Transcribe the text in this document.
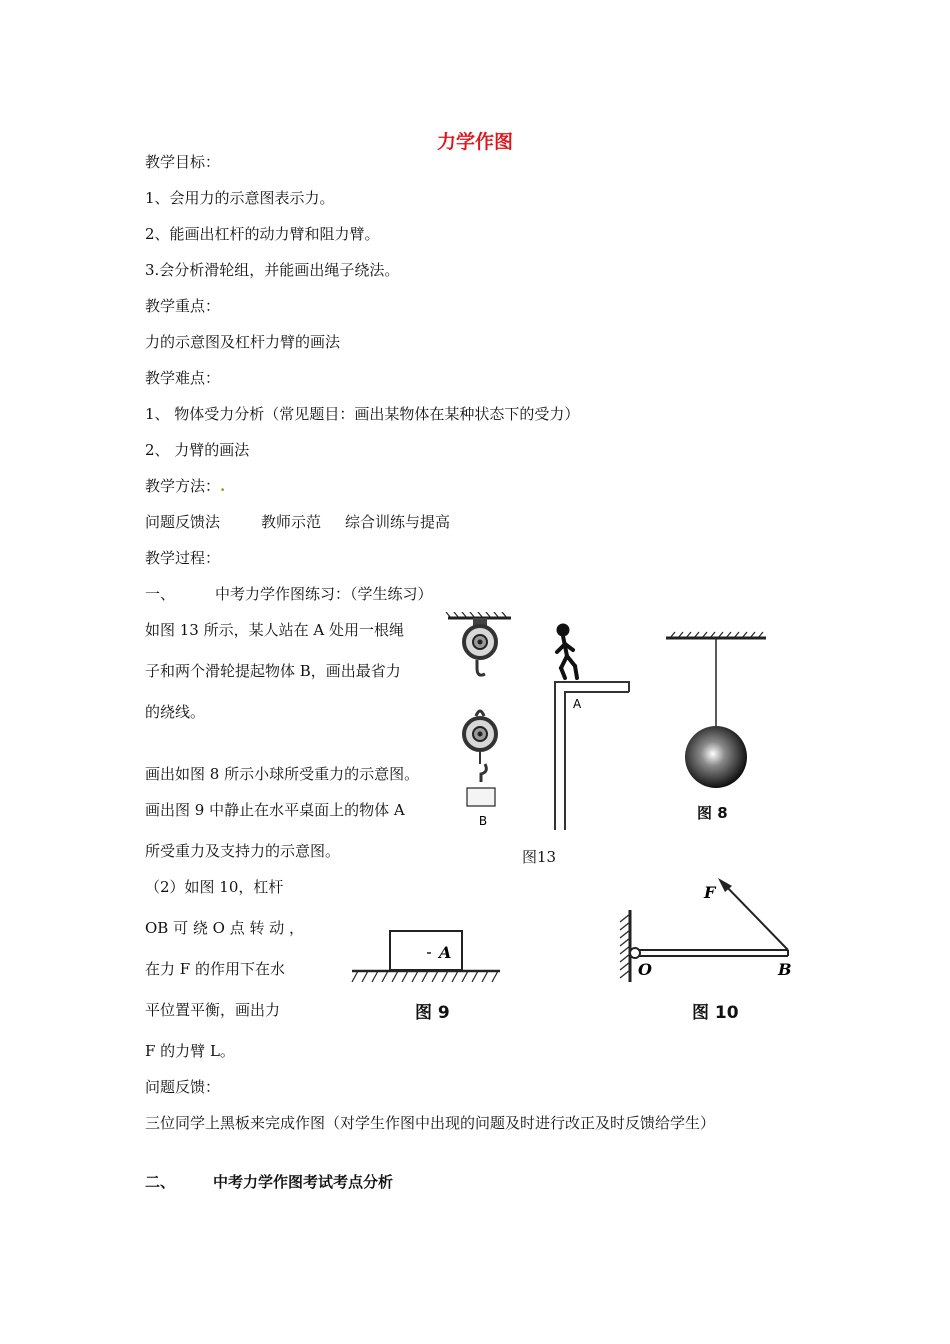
力学作图
教学目标：
1、会用力的示意图表示力。
2、能画出杠杆的动力臂和阻力臂。
3.会分析滑轮组，并能画出绳子绕法。
教学重点：
力的示意图及杠杆力臂的画法
教学难点：
1、 物体受力分析（常见题目：画出某物体在某种状态下的受力）
2、 力臂的画法
教学方法：.
问题反馈法	教师示范 综合训练与提高
教学过程：
一、	中考力学作图练习：（学生练习）
如图 13 所示，某人站在 A 处用一根绳
子和两个滑轮提起物体 B，画出最省力
的绕线。
画出如图 8 所示小球所受重力的示意图。
画出图 9 中静止在水平桌面上的物体 A
所受重力及支持力的示意图。
（2）如图 10，杠杆
OB 可 绕 O 点 转 动 ，
在力 F 的作用下在水
平位置平衡，画出力
F 的力臂 L。
问题反馈：
三位同学上黑板来完成作图（对学生作图中出现的问题及时进行改正及时反馈给学生）
二、	中考力学作图考试考点分析
B
A
图13
图 8
A
图 9
F
O	B
图 10
